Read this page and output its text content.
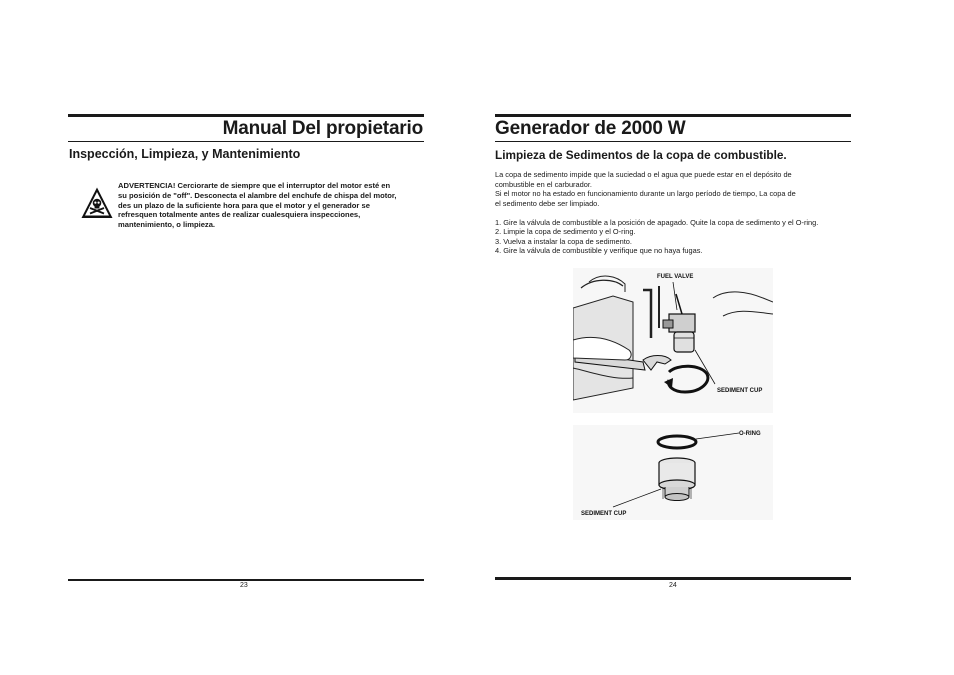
Manual Del propietario
Inspección, Limpieza, y Mantenimiento
ADVERTENCIA! Cerciorarte de siempre que el interruptor del motor esté en
su posición de "off". Desconecta el alambre del enchufe de chispa del motor,
des un plazo de la suficiente hora para que el motor y el generador se
refresquen totalmente antes de realizar cualesquiera inspecciones,
mantenimiento, o limpieza.
23
Generador de 2000 W
Limpieza de Sedimentos de la copa de combustible.
La copa de sedimento impide que la suciedad o el agua que puede estar en el depósito de
combustible en el carburador.
Si el motor no ha estado en funcionamiento durante un largo período de tiempo, La copa de
el sedimento debe ser limpiado.
1. Gire la válvula de combustible a la posición de apagado. Quite la copa de sedimento y el O-ring.
2. Limpie la copa de sedimento y el O-ring.
3. Vuelva a instalar la copa de sedimento.
4. Gire la válvula de combustible y verifique que no haya fugas.
FUEL VALVE
SEDIMENT CUP
O-RING
SEDIMENT CUP
24
